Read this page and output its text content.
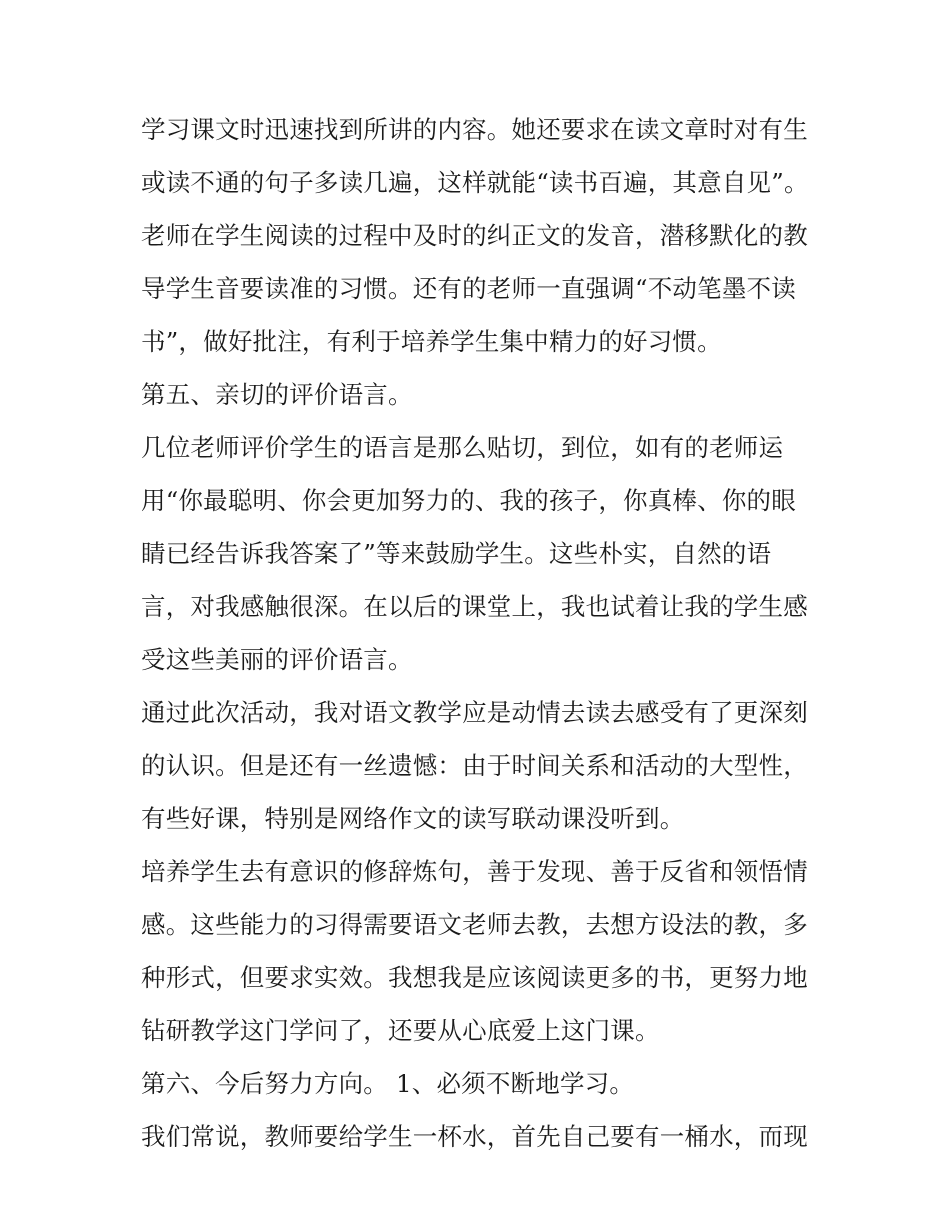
学习课文时迅速找到所讲的内容。她还要求在读文章时对有生
或读不通的句子多读几遍，这样就能“读书百遍，其意自见”。
老师在学生阅读的过程中及时的纠正文的发音，潜移默化的教
导学生音要读准的习惯。还有的老师一直强调“不动笔墨不读
书”，做好批注，有利于培养学生集中精力的好习惯。
第五、亲切的评价语言。
几位老师评价学生的语言是那么贴切，到位，如有的老师运
用“你最聪明、你会更加努力的、我的孩子，你真棒、你的眼
睛已经告诉我答案了”等来鼓励学生。这些朴实，自然的语
言，对我感触很深。在以后的课堂上，我也试着让我的学生感
受这些美丽的评价语言。
通过此次活动，我对语文教学应是动情去读去感受有了更深刻
的认识。但是还有一丝遗憾：由于时间关系和活动的大型性，
有些好课，特别是网络作文的读写联动课没听到。
培养学生去有意识的修辞炼句，善于发现、善于反省和领悟情
感。这些能力的习得需要语文老师去教，去想方设法的教，多
种形式，但要求实效。我想我是应该阅读更多的书，更努力地
钻研教学这门学问了，还要从心底爱上这门课。
第六、今后努力方向。 1、必须不断地学习。
我们常说，教师要给学生一杯水，首先自己要有一桶水，而现
